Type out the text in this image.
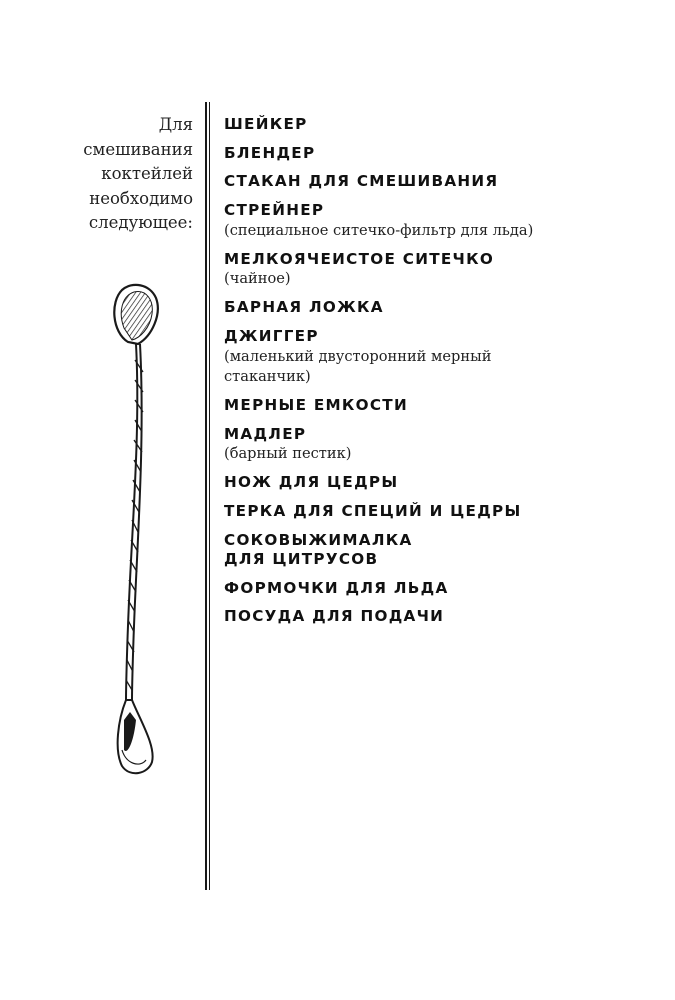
Для
смешивания
коктейлей
необходимо
следующее:
ШЕЙКЕР
БЛЕНДЕР
СТАКАН ДЛЯ СМЕШИВАНИЯ
СТРЕЙНЕР
(специальное ситечко-фильтр для льда)
МЕЛКОЯЧЕИСТОЕ СИТЕЧКО
(чайное)
БАРНАЯ ЛОЖКА
ДЖИГГЕР
(маленький двусторонний мерный
стаканчик)
МЕРНЫЕ ЕМКОСТИ
МАДЛЕР
(барный пестик)
НОЖ ДЛЯ ЦЕДРЫ
ТЕРКА ДЛЯ СПЕЦИЙ И ЦЕДРЫ
СОКОВЫЖИМАЛКА
ДЛЯ ЦИТРУСОВ
ФОРМОЧКИ ДЛЯ ЛЬДА
ПОСУДА ДЛЯ ПОДАЧИ
